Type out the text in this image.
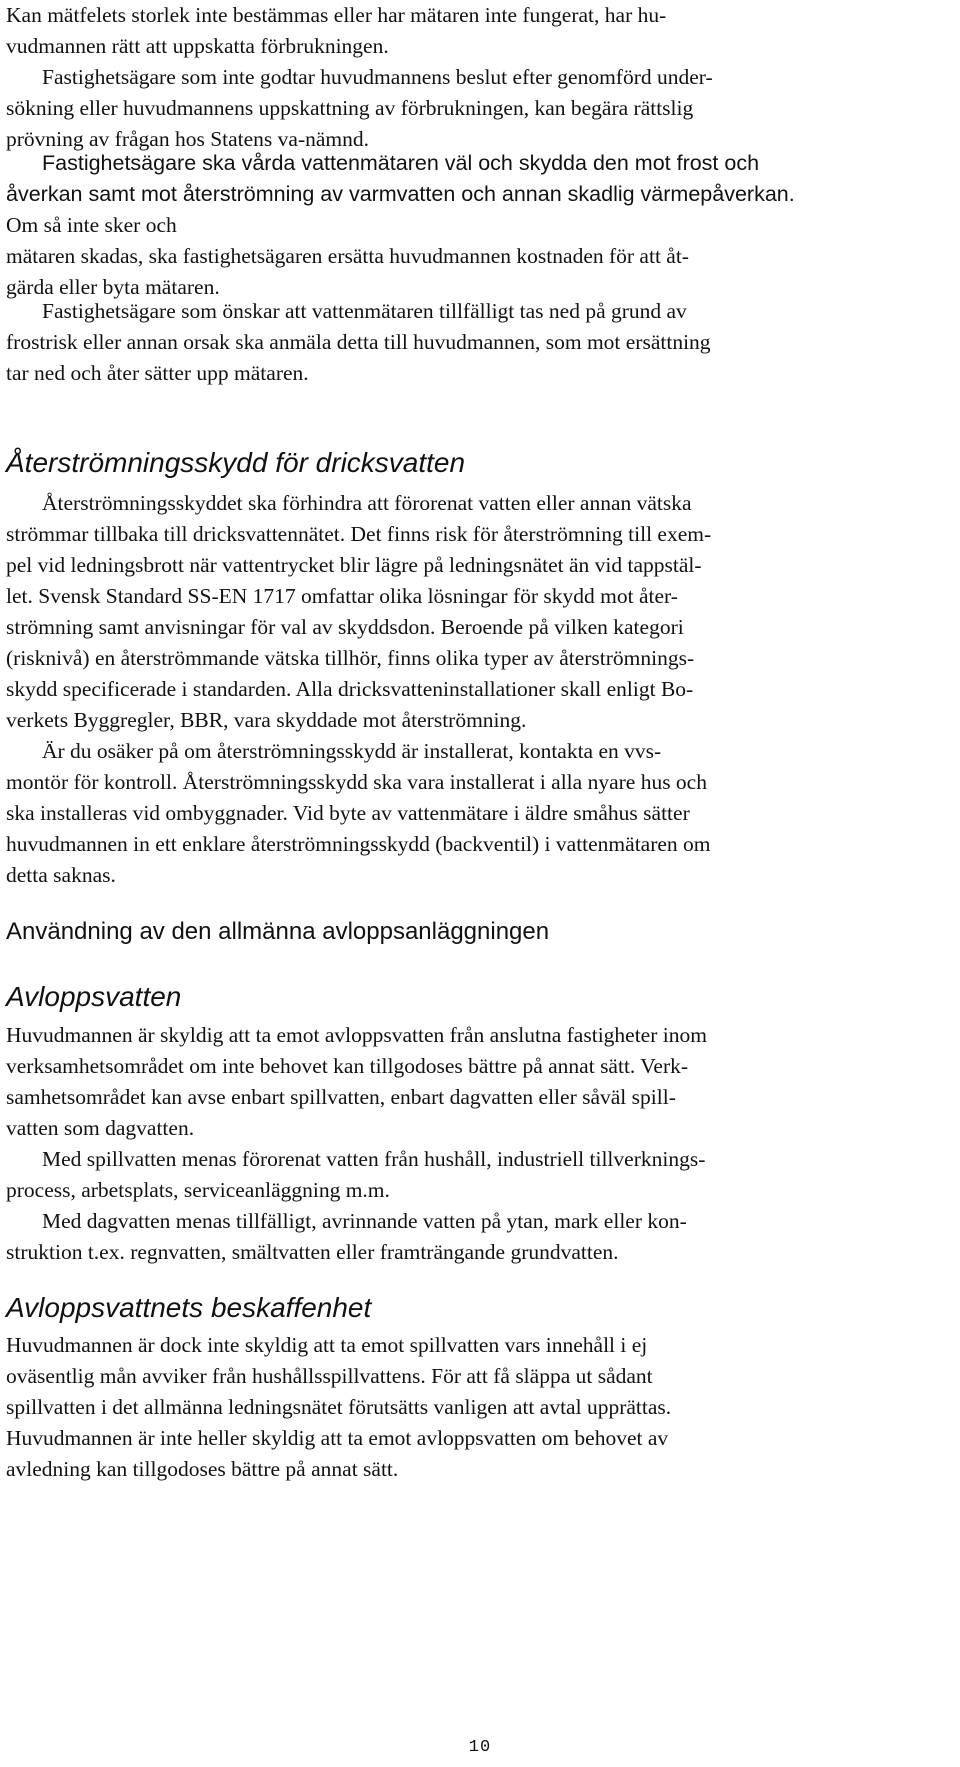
Kan mätfelets storlek inte bestämmas eller har mätaren inte fungerat, har hu-
vudmannen rätt att uppskatta förbrukningen.

Fastighetsägare som inte godtar huvudmannens beslut efter genomförd under-
sökning eller huvudmannens uppskattning av förbrukningen, kan begära rättslig
prövning av frågan hos Statens va-nämnd.

Fastighetsägare ska vårda vattenmätaren väl och skydda den mot frost och
åverkan samt mot återströmning av varmvatten och annan skadlig värmepåverkan.

Om så inte sker och
mätaren skadas, ska fastighetsägaren ersätta huvudmannen kostnaden för att åt-
gärda eller byta mätaren.

Fastighetsägare som önskar att vattenmätaren tillfälligt tas ned på grund av
frostrisk eller annan orsak ska anmäla detta till huvudmannen, som mot ersättning
tar ned och åter sätter upp mätaren.

Återströmningsskydd för dricksvatten

Återströmningsskyddet ska förhindra att förorenat vatten eller annan vätska
strömmar tillbaka till dricksvattennätet. Det finns risk för återströmning till exem-
pel vid ledningsbrott när vattentrycket blir lägre på ledningsnätet än vid tappstäl-
let. Svensk Standard SS-EN 1717 omfattar olika lösningar för skydd mot åter-
strömning samt anvisningar för val av skyddsdon. Beroende på vilken kategori
(risknivå) en återströmmande vätska tillhör, finns olika typer av återströmnings-
skydd specificerade i standarden. Alla dricksvatteninstallationer skall enligt Bo-
verkets Byggregler, BBR, vara skyddade mot återströmning.

Är du osäker på om återströmningsskydd är installerat, kontakta en vvs-
montör för kontroll. Återströmningsskydd ska vara installerat i alla nyare hus och
ska installeras vid ombyggnader. Vid byte av vattenmätare i äldre småhus sätter
huvudmannen in ett enklare återströmningsskydd (backventil) i vattenmätaren om
detta saknas.

Användning av den allmänna avloppsanläggningen
Avloppsvatten

Huvudmannen är skyldig att ta emot avloppsvatten från anslutna fastigheter inom
verksamhetsområdet om inte behovet kan tillgodoses bättre på annat sätt. Verk-
samhetsområdet kan avse enbart spillvatten, enbart dagvatten eller såväl spill-
vatten som dagvatten.

Med spillvatten menas förorenat vatten från hushåll, industriell tillverknings-
process, arbetsplats, serviceanläggning m.m.

Med dagvatten menas tillfälligt, avrinnande vatten på ytan, mark eller kon-
struktion t.ex. regnvatten, smältvatten eller framträngande grundvatten.

Avloppsvattnets beskaffenhet

Huvudmannen är dock inte skyldig att ta emot spillvatten vars innehåll i ej
oväsentlig mån avviker från hushållsspillvattens. För att få släppa ut sådant
spillvatten i det allmänna ledningsnätet förutsätts vanligen att avtal upprättas.
Huvudmannen är inte heller skyldig att ta emot avloppsvatten om behovet av
avledning kan tillgodoses bättre på annat sätt.

10
